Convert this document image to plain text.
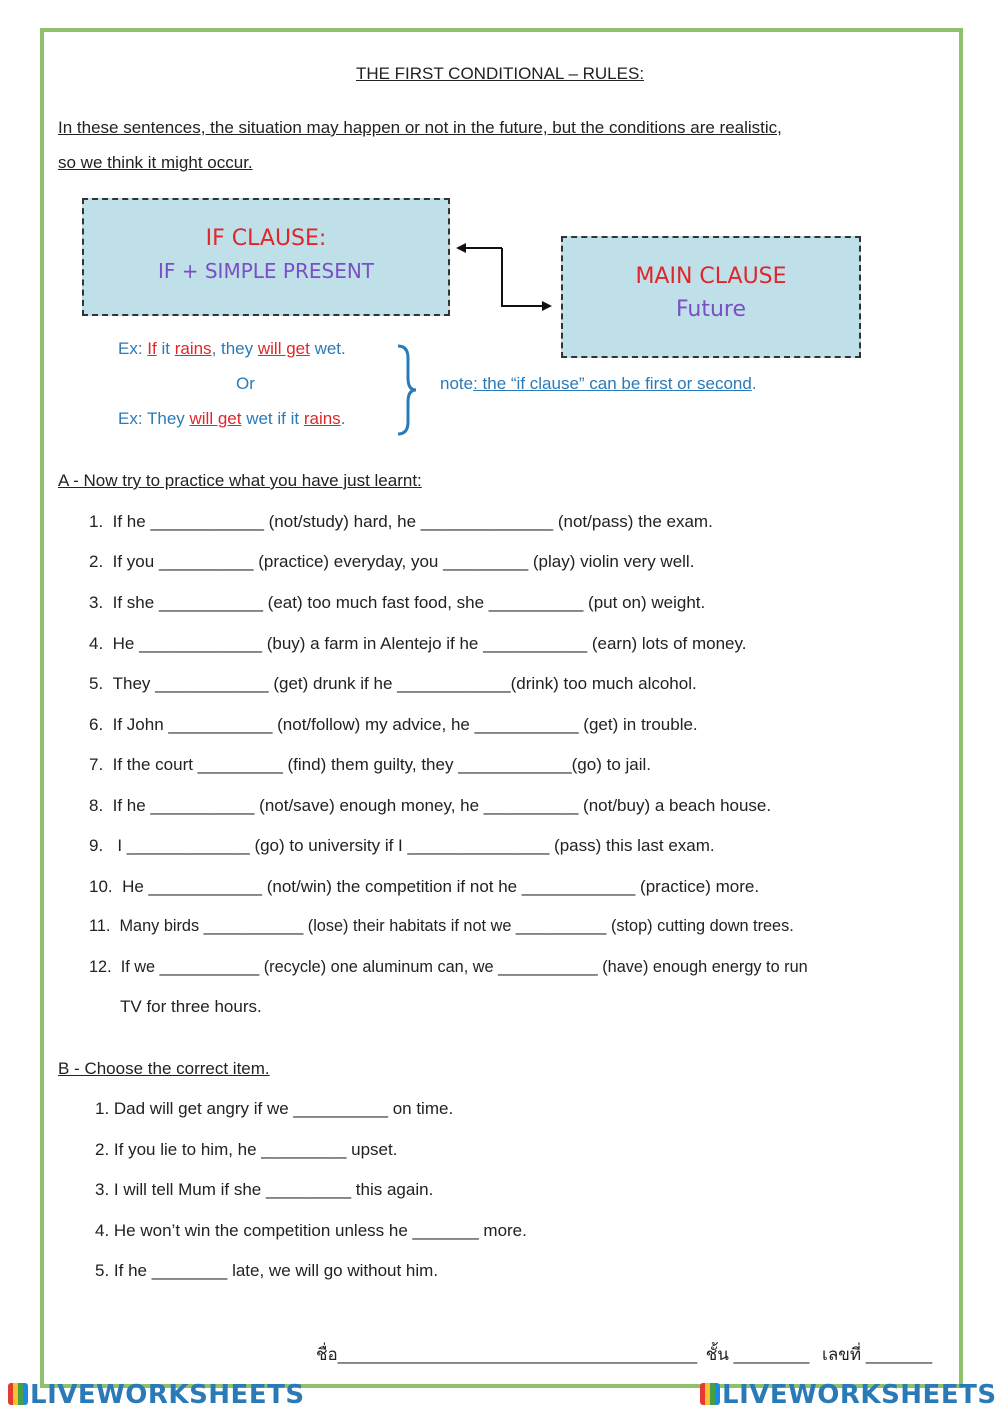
THE FIRST CONDITIONAL – RULES:
In these sentences, the situation may happen or not in the future, but the conditions are realistic,
so we think it might occur.
IF CLAUSE:
IF + SIMPLE PRESENT	MAIN CLAUSE
Future
Ex: If it rains, they will get wet.
Or
Ex: They will get wet if it rains.
note: the “if clause” can be first or second.
A - Now try to practice what you have just learnt:
1. If he ____________ (not/study) hard, he ______________ (not/pass) the exam.
2. If you __________ (practice) everyday, you _________ (play) violin very well.
3. If she ___________ (eat) too much fast food, she __________ (put on) weight.
4. He _____________ (buy) a farm in Alentejo if he ___________ (earn) lots of money.
5. They ____________ (get) drunk if he ____________(drink) too much alcohol.
6. If John ___________ (not/follow) my advice, he ___________ (get) in trouble.
7. If the court _________ (find) them guilty, they ____________(go) to jail.
8. If he ___________ (not/save) enough money, he __________ (not/buy) a beach house.
9.   I _____________ (go) to university if I _______________ (pass) this last exam.
10.  He ____________ (not/win) the competition if not he ____________ (practice) more.
11.  Many birds ___________ (lose) their habitats if not we __________ (stop) cutting down trees.
12.  If we ___________ (recycle) one aluminum can, we ___________ (have) enough energy to run
TV for three hours.
B - Choose the correct item.
1. Dad will get angry if we __________ on time.
2. If you lie to him, he _________ upset.
3. I will tell Mum if she _________ this again.
4. He won’t win the competition unless he _______ more.
5. If he ________ late, we will go without him.
ชื่อ______________________________________ ชั้น ________ เลขที่ _______
LIVEWORKSHEETS	LIVEWORKSHEETS
